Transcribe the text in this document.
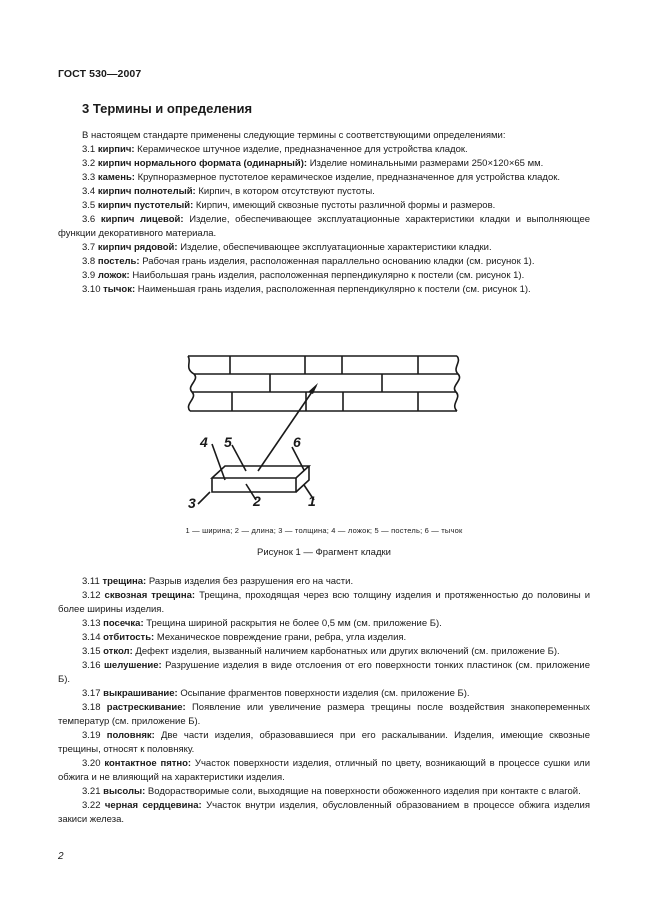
ГОСТ 530—2007
3 Термины и определения

В настоящем стандарте применены следующие термины с соответствующими определениями:

3.1 кирпич: Керамическое штучное изделие, предназначенное для устройства кладок.

3.2 кирпич нормального формата (одинарный): Изделие номинальными размерами 250×120×65 мм.

3.3 камень: Крупноразмерное пустотелое керамическое изделие, предназначенное для устройства кладок.

3.4 кирпич полнотелый: Кирпич, в котором отсутствуют пустоты.

3.5 кирпич пустотелый: Кирпич, имеющий сквозные пустоты различной формы и размеров.

3.6 кирпич лицевой: Изделие, обеспечивающее эксплуатационные характеристики кладки и выполняющее функции декоративного материала.

3.7 кирпич рядовой: Изделие, обеспечивающее эксплуатационные характеристики кладки.

3.8 постель: Рабочая грань изделия, расположенная параллельно основанию кладки (см. рисунок 1).

3.9 ложок: Наибольшая грань изделия, расположенная перпендикулярно к постели (см. рисунок 1).

3.10 тычок: Наименьшая грань изделия, расположенная перпендикулярно к постели (см. рисунок 1).

4 5	6
3	2	1
1 — ширина; 2 — длина; 3 — толщина; 4 — ложок; 5 — постель; 6 — тычок
Рисунок 1 — Фрагмент кладки

3.11 трещина: Разрыв изделия без разрушения его на части.

3.12 сквозная трещина: Трещина, проходящая через всю толщину изделия и протяженностью до половины и более ширины изделия.

3.13 посечка: Трещина шириной раскрытия не более 0,5 мм (см. приложение Б).

3.14 отбитость: Механическое повреждение грани, ребра, угла изделия.

3.15 откол: Дефект изделия, вызванный наличием карбонатных или других включений (см. приложение Б).

3.16 шелушение: Разрушение изделия в виде отслоения от его поверхности тонких пластинок (см. приложение Б).

3.17 выкрашивание: Осыпание фрагментов поверхности изделия (см. приложение Б).

3.18 растрескивание: Появление или увеличение размера трещины после воздействия знакопеременных температур (см. приложение Б).

3.19 половняк: Две части изделия, образовавшиеся при его раскалывании. Изделия, имеющие сквозные трещины, относят к половняку.

3.20 контактное пятно: Участок поверхности изделия, отличный по цвету, возникающий в процессе сушки или обжига и не влияющий на характеристики изделия.

3.21 высолы: Водорастворимые соли, выходящие на поверхности обожженного изделия при контакте с влагой.

3.22 черная сердцевина: Участок внутри изделия, обусловленный образованием в процессе обжига изделия закиси железа.

2
